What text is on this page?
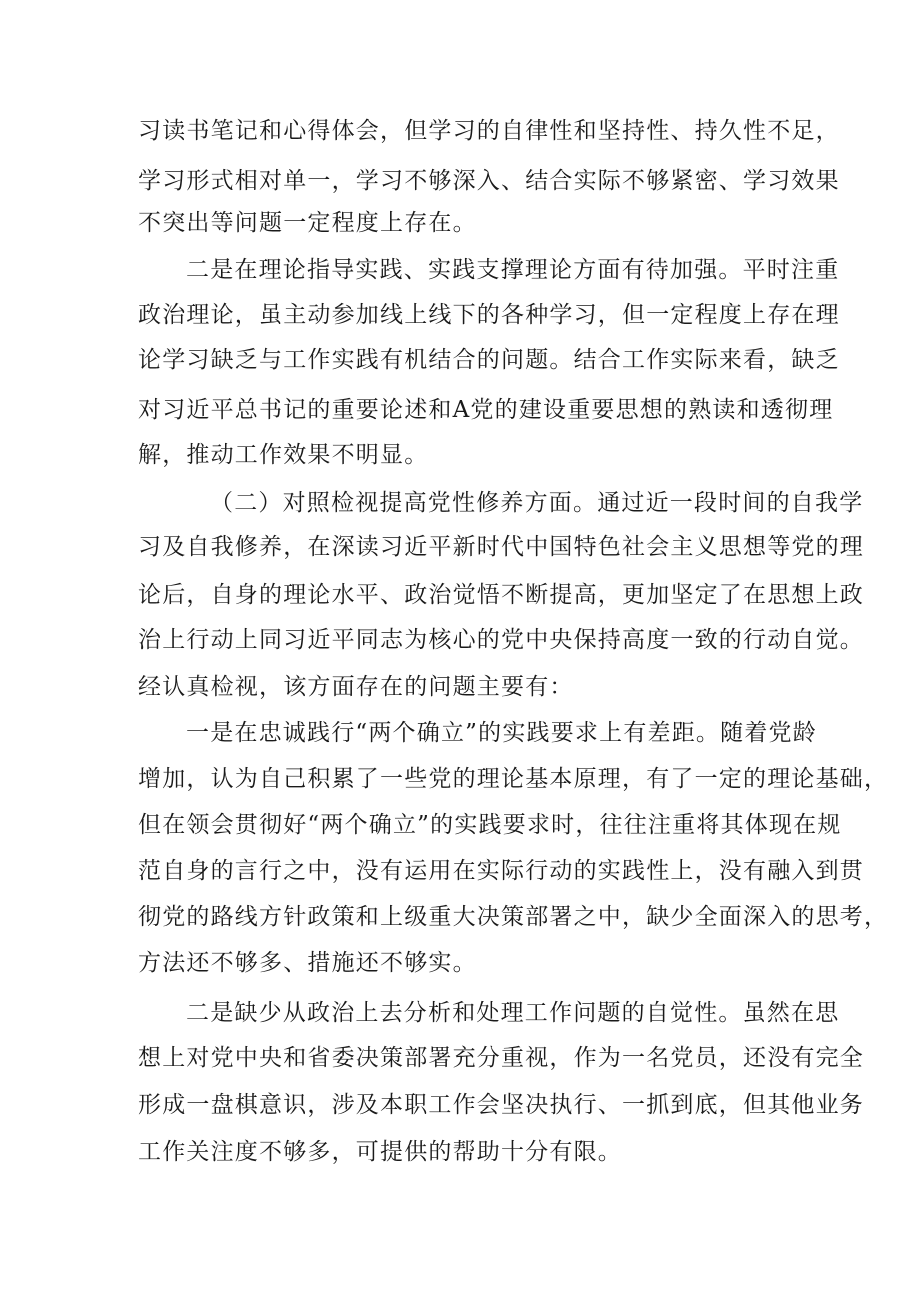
习读书笔记和心得体会，但学习的自律性和坚持性、持久性不足，
学习形式相对单一，学习不够深入、结合实际不够紧密、学习效果
不突出等问题一定程度上存在。
二是在理论指导实践、实践支撑理论方面有待加强。平时注重
政治理论，虽主动参加线上线下的各种学习，但一定程度上存在理
论学习缺乏与工作实践有机结合的问题。结合工作实际来看，缺乏
对习近平总书记的重要论述和A党的建设重要思想的熟读和透彻理
解，推动工作效果不明显。
（二）对照检视提高党性修养方面。通过近一段时间的自我学
习及自我修养，在深读习近平新时代中国特色社会主义思想等党的理
论后，自身的理论水平、政治觉悟不断提高，更加坚定了在思想上政
治上行动上同习近平同志为核心的党中央保持高度一致的行动自觉。
经认真检视，该方面存在的问题主要有：
一是在忠诚践行“两个确立”的实践要求上有差距。随着党龄
增加，认为自己积累了一些党的理论基本原理，有了一定的理论基础，
但在领会贯彻好“两个确立”的实践要求时，往往注重将其体现在规
范自身的言行之中，没有运用在实际行动的实践性上，没有融入到贯
彻党的路线方针政策和上级重大决策部署之中，缺少全面深入的思考，
方法还不够多、措施还不够实。
二是缺少从政治上去分析和处理工作问题的自觉性。虽然在思
想上对党中央和省委决策部署充分重视，作为一名党员，还没有完全
形成一盘棋意识，涉及本职工作会坚决执行、一抓到底，但其他业务
工作关注度不够多，可提供的帮助十分有限。
